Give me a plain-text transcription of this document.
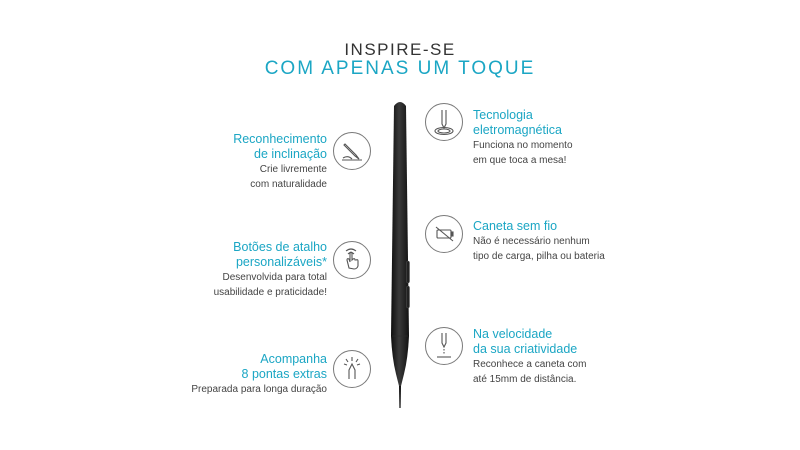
INSPIRE-SE
COM APENAS UM TOQUE
Reconhecimento
de inclinação
Crie livremente
com naturalidade
Botões de atalho
personalizáveis*
Desenvolvida para total
usabilidade e praticidade!
Acompanha
8 pontas extras
Preparada para longa duração
Tecnologia
eletromagnética
Funciona no momento
em que toca a mesa!
Caneta sem fio
Não é necessário nenhum
tipo de carga, pilha ou bateria
Na velocidade
da sua criatividade
Reconhece a caneta com
até 15mm de distância.
